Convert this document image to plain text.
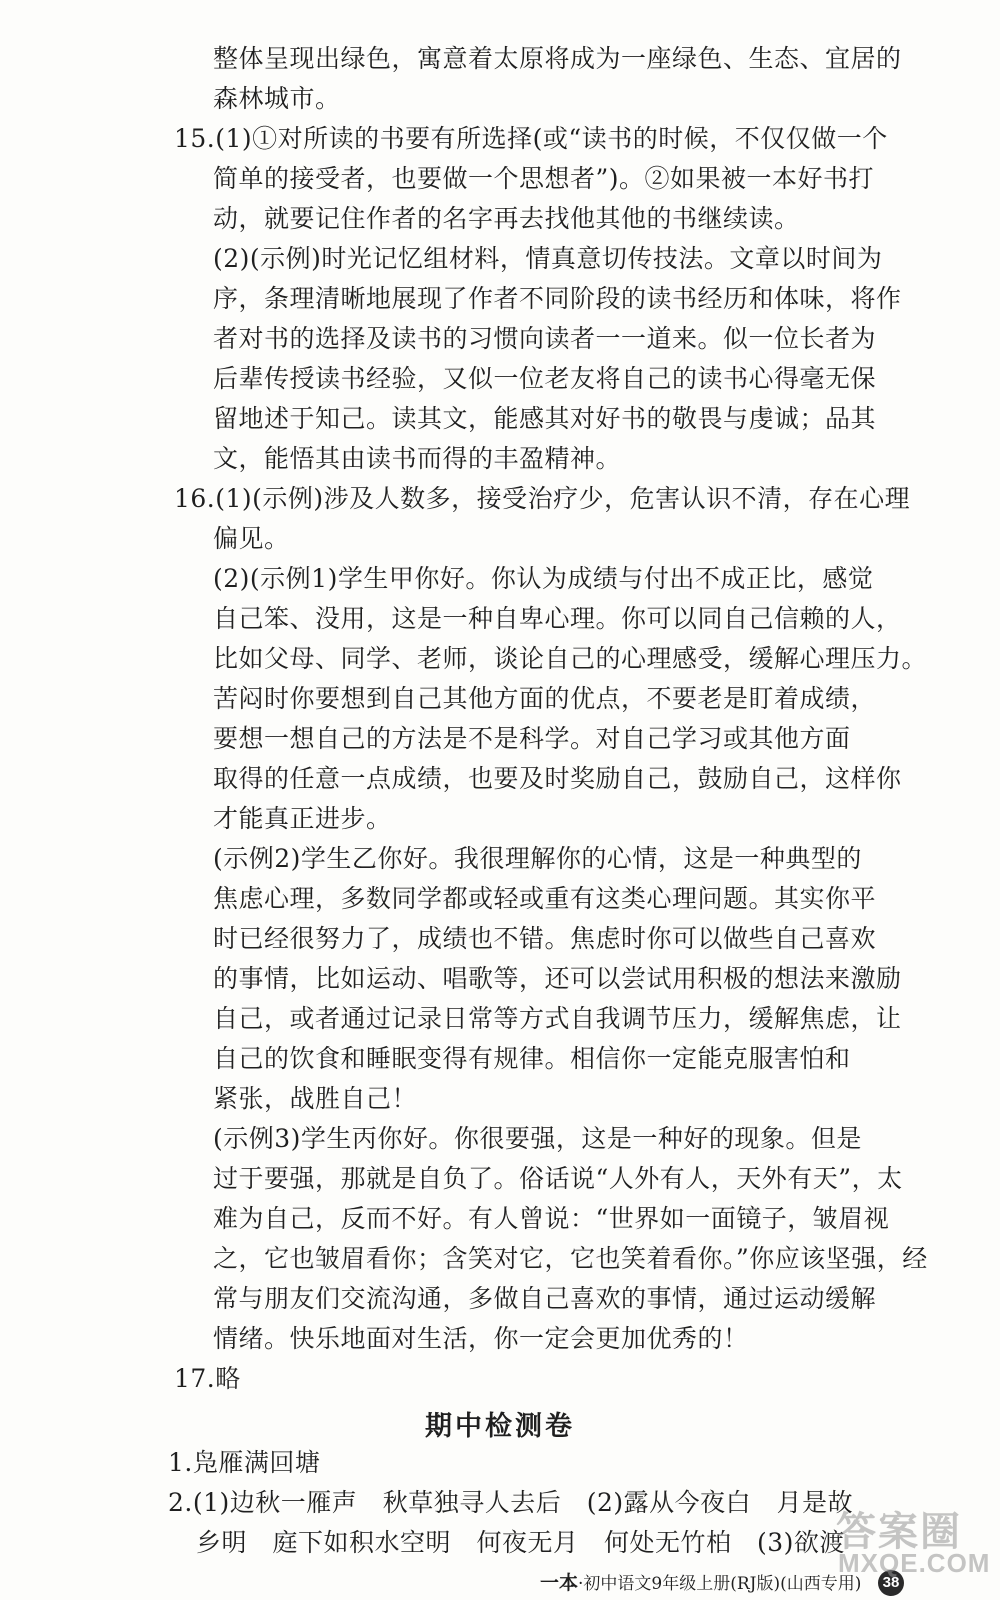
整体呈现出绿色，寓意着太原将成为一座绿色、生态、宜居的
森林城市。
15.(1)①对所读的书要有所选择(或“读书的时候，不仅仅做一个
简单的接受者，也要做一个思想者”)。②如果被一本好书打
动，就要记住作者的名字再去找他其他的书继续读。
(2)(示例)时光记忆组材料，情真意切传技法。文章以时间为
序，条理清晰地展现了作者不同阶段的读书经历和体味，将作
者对书的选择及读书的习惯向读者一一道来。似一位长者为
后辈传授读书经验，又似一位老友将自己的读书心得毫无保
留地述于知己。读其文，能感其对好书的敬畏与虔诚；品其
文，能悟其由读书而得的丰盈精神。
16.(1)(示例)涉及人数多，接受治疗少，危害认识不清，存在心理
偏见。
(2)(示例1)学生甲你好。你认为成绩与付出不成正比，感觉
自己笨、没用，这是一种自卑心理。你可以同自己信赖的人，
比如父母、同学、老师，谈论自己的心理感受，缓解心理压力。
苦闷时你要想到自己其他方面的优点，不要老是盯着成绩，
要想一想自己的方法是不是科学。对自己学习或其他方面
取得的任意一点成绩，也要及时奖励自己，鼓励自己，这样你
才能真正进步。
(示例2)学生乙你好。我很理解你的心情，这是一种典型的
焦虑心理，多数同学都或轻或重有这类心理问题。其实你平
时已经很努力了，成绩也不错。焦虑时你可以做些自己喜欢
的事情，比如运动、唱歌等，还可以尝试用积极的想法来激励
自己，或者通过记录日常等方式自我调节压力，缓解焦虑，让
自己的饮食和睡眠变得有规律。相信你一定能克服害怕和
紧张，战胜自己！
(示例3)学生丙你好。你很要强，这是一种好的现象。但是
过于要强，那就是自负了。俗话说“人外有人，天外有天”，太
难为自己，反而不好。有人曾说：“世界如一面镜子，皱眉视
之，它也皱眉看你；含笑对它，它也笑着看你。”你应该坚强，经
常与朋友们交流沟通，多做自己喜欢的事情，通过运动缓解
情绪。快乐地面对生活，你一定会更加优秀的！
17.略
期中检测卷
1.凫雁满回塘
2.(1)边秋一雁声　秋草独寻人去后　(2)露从今夜白　月是故
乡明　庭下如积水空明　何夜无月　何处无竹柏　(3)欲渡
一本·初中语文9年级上册(RJ版)(山西专用)	38
答案圈
MXQE.COM
